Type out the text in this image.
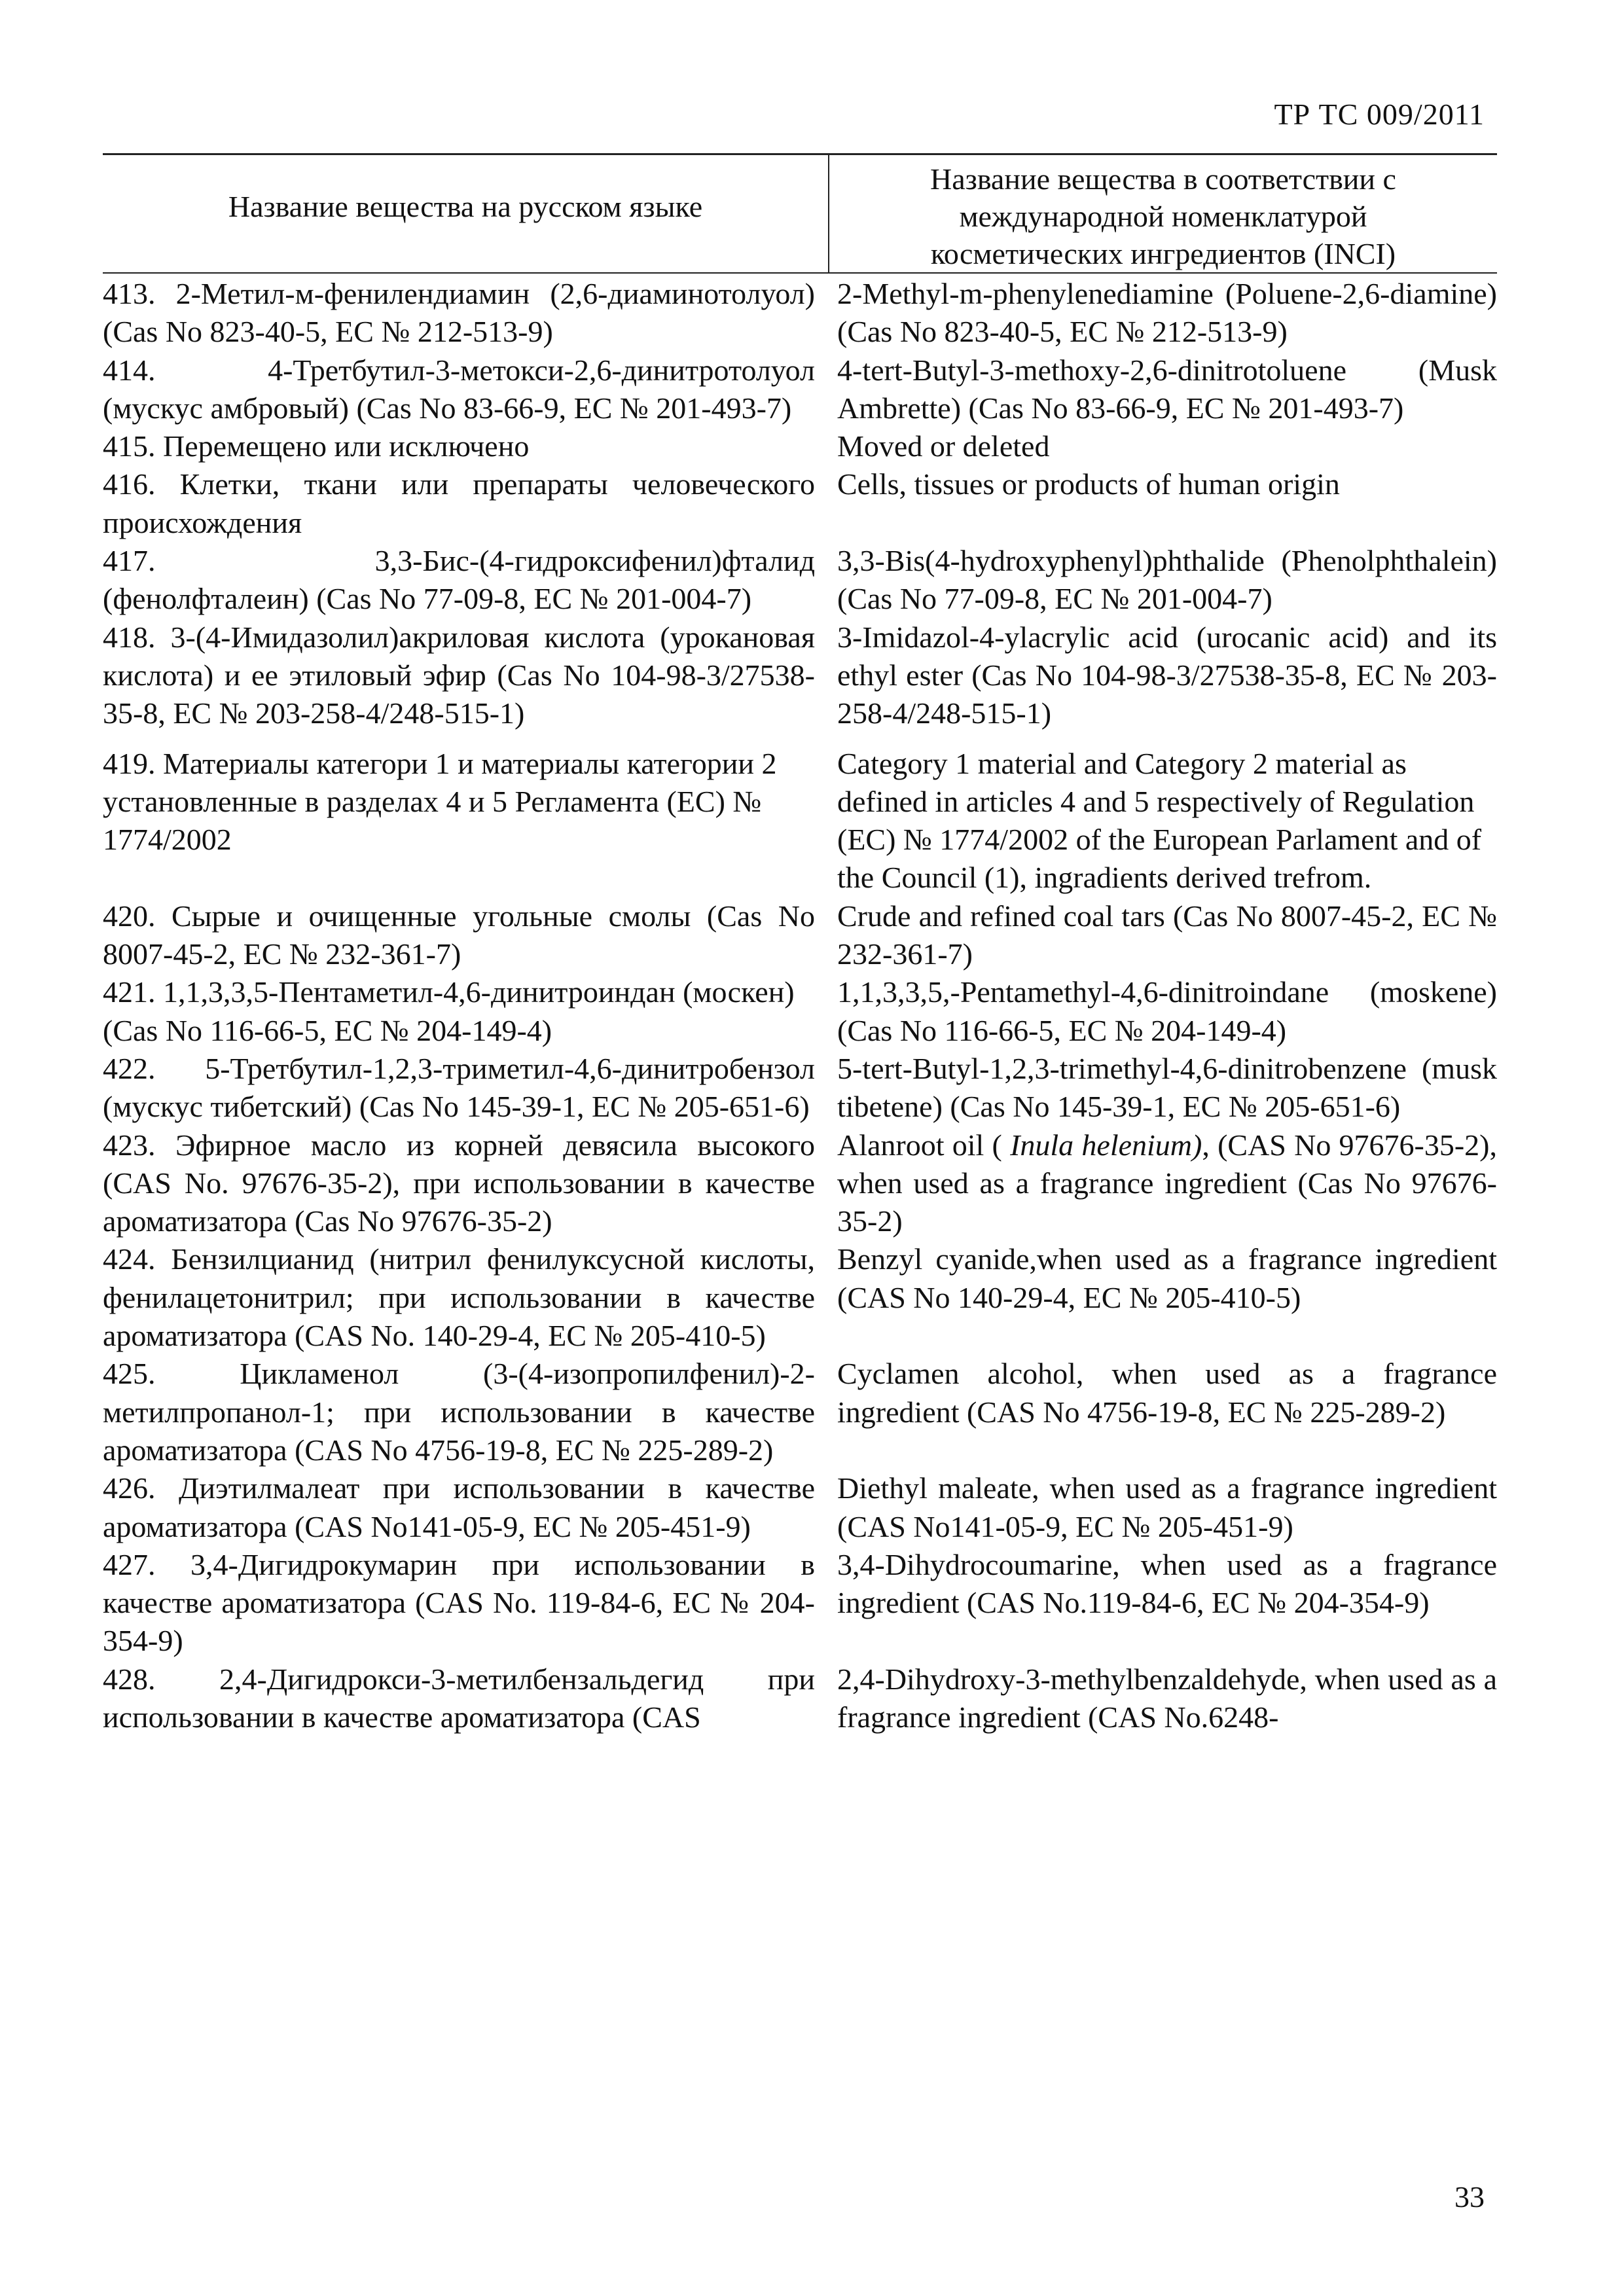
ТР ТС 009/2011
Название вещества на русском языке
Название вещества в соответствии с
международной номенклатурой
косметических ингредиентов (INCI)
413. 2-Метил-м-фенилендиамин (2,6-диаминотолуол) (Cas No 823-40-5, EC № 212-513-9)
2-Methyl-m-phenylenediamine (Poluene-2,6-diamine) (Cas No 823-40-5, EC № 212-513-9)
414. 4-Третбутил-3-метокси-2,6-динитротолуол (мускус амбровый) (Cas No 83-66-9, EC № 201-493-7)
4-tert-Butyl-3-methoxy-2,6-dinitrotoluene (Musk Ambrette) (Cas No 83-66-9, EC № 201-493-7)
415. Перемещено или исключено	Moved or deleted
416. Клетки, ткани или препараты человеческого происхождения
Cells, tissues or products of human origin
417. 3,3-Бис-(4-гидроксифенил)фталид (фенолфталеин) (Cas No 77-09-8, EC № 201-004-7)
3,3-Bis(4-hydroxyphenyl)phthalide (Phenolphthalein) (Cas No 77-09-8, EC № 201-004-7)
418. 3-(4-Имидазолил)акриловая кислота (урокановая кислота) и ее этиловый эфир (Cas No 104-98-3/27538-35-8, EC № 203-258-4/248-515-1)
3-Imidazol-4-ylacrylic acid (urocanic acid) and its ethyl ester (Cas No 104-98-3/27538-35-8, EC № 203-258-4/248-515-1)
419. Материалы категори 1 и материалы категории 2 установленные в разделах 4 и 5 Регламента (ЕС) № 1774/2002
Category 1 material and Category 2 material as defined in articles 4 and 5 respectively of Regulation (EC) № 1774/2002 of the European Parlament and of the Council (1), ingradients derived trefrom.
420. Сырые и очищенные угольные смолы (Cas No 8007-45-2, EC № 232-361-7)
Crude and refined coal tars (Cas No 8007-45-2, EC № 232-361-7)
421. 1,1,3,3,5-Пентаметил-4,6-динитроиндан (москен) (Cas No 116-66-5, EC № 204-149-4)
1,1,3,3,5,-Pentamethyl-4,6-dinitroindane (moskene) (Cas No 116-66-5, EC № 204-149-4)
422. 5-Третбутил-1,2,3-триметил-4,6-динитробензол (мускус тибетский) (Cas No 145-39-1, EC № 205-651-6)
5-tert-Butyl-1,2,3-trimethyl-4,6-dinitrobenzene (musk tibetene) (Cas No 145-39-1, EC № 205-651-6)
423. Эфирное масло из корней девясила высокого (CAS No. 97676-35-2), при использовании в качестве ароматизатора (Cas No 97676-35-2)
Alanroot oil ( Inula helenium), (CAS No 97676-35-2), when used as a fragrance ingredient (Cas No 97676-35-2)
424. Бензилцианид (нитрил фенилуксусной кислоты, фенилацетонитрил; при использовании в качестве ароматизатора (CAS No. 140-29-4, EC № 205-410-5)
Benzyl cyanide,when used as a fragrance ingredient (CAS No 140-29-4, EC № 205-410-5)
425. Цикламенол (3-(4-изопропилфенил)-2-метилпропанол-1; при использовании в качестве ароматизатора (CAS No 4756-19-8, EC № 225-289-2)
Cyclamen alcohol, when used as a fragrance ingredient (CAS No 4756-19-8, EC № 225-289-2)
426. Диэтилмалеат при использовании в качестве ароматизатора (CAS No141-05-9, EC № 205-451-9)
Diethyl maleate, when used as a fragrance ingredient (CAS No141-05-9, EC № 205-451-9)
427. 3,4-Дигидрокумарин при использовании в качестве ароматизатора (CAS No. 119-84-6, EC № 204-354-9)
3,4-Dihydrocoumarine, when used as a fragrance ingredient (CAS No.119-84-6, EC № 204-354-9)
428. 2,4-Дигидрокси-3-метилбензальдегид при использовании в качестве ароматизатора (CAS
2,4-Dihydroxy-3-methylbenzaldehyde, when used as a fragrance ingredient (CAS No.6248-
33
